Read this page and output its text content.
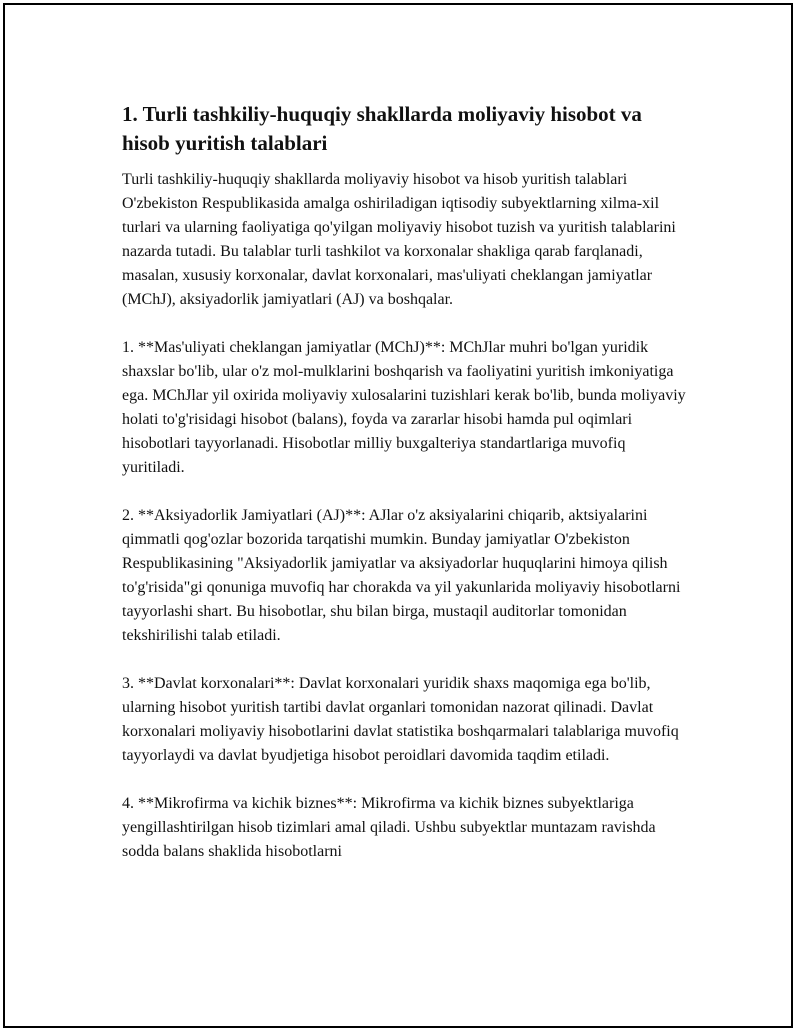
1. Turli tashkiliy-huquqiy shakllarda moliyaviy hisobot va hisob yuritish talablari

Turli tashkiliy-huquqiy shakllarda moliyaviy hisobot va hisob yuritish talablari O'zbekiston Respublikasida amalga oshiriladigan iqtisodiy subyektlarning xilma-xil turlari va ularning faoliyatiga qo'yilgan moliyaviy hisobot tuzish va yuritish talablarini nazarda tutadi. Bu talablar turli tashkilot va korxonalar shakliga qarab farqlanadi, masalan, xususiy korxonalar, davlat korxonalari, mas'uliyati cheklangan jamiyatlar (MChJ), aksiyadorlik jamiyatlari (AJ) va boshqalar.

1. **Mas'uliyati cheklangan jamiyatlar (MChJ)**: MChJlar muhri bo'lgan yuridik shaxslar bo'lib, ular o'z mol-mulklarini boshqarish va faoliyatini yuritish imkoniyatiga ega. MChJlar yil oxirida moliyaviy xulosalarini tuzishlari kerak bo'lib, bunda moliyaviy holati to'g'risidagi hisobot (balans), foyda va zararlar hisobi hamda pul oqimlari hisobotlari tayyorlanadi. Hisobotlar milliy buxgalteriya standartlariga muvofiq yuritiladi.

2. **Aksiyadorlik Jamiyatlari (AJ)**: AJlar o'z aksiyalarini chiqarib, aktsiyalarini qimmatli qog'ozlar bozorida tarqatishi mumkin. Bunday jamiyatlar O'zbekiston Respublikasining "Aksiyadorlik jamiyatlar va aksiyadorlar huquqlarini himoya qilish to'g'risida"gi qonuniga muvofiq har chorakda va yil yakunlarida moliyaviy hisobotlarni tayyorlashi shart. Bu hisobotlar, shu bilan birga, mustaqil auditorlar tomonidan tekshirilishi talab etiladi.

3. **Davlat korxonalari**: Davlat korxonalari yuridik shaxs maqomiga ega bo'lib, ularning hisobot yuritish tartibi davlat organlari tomonidan nazorat qilinadi. Davlat korxonalari moliyaviy hisobotlarini davlat statistika boshqarmalari talablariga muvofiq tayyorlaydi va davlat byudjetiga hisobot peroidlari davomida taqdim etiladi.

4. **Mikrofirma va kichik biznes**: Mikrofirma va kichik biznes subyektlariga yengillashtirilgan hisob tizimlari amal qiladi. Ushbu subyektlar muntazam ravishda sodda balans shaklida hisobotlarni
